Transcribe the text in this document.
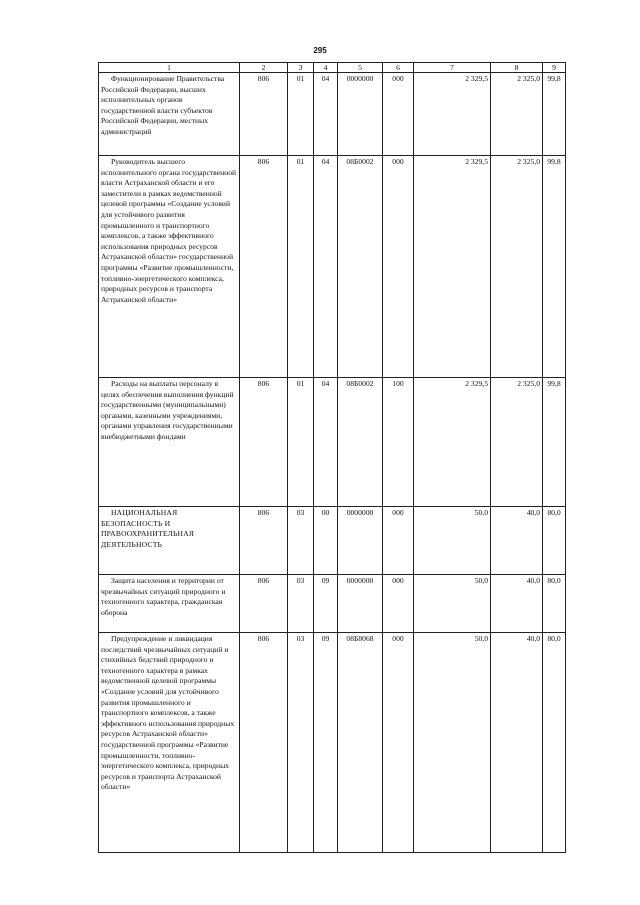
295
1	2	3	4	5	6	7	8	9
Функционирование Правительства Российской Федерации, высших исполнительных органов государственной власти субъектов Российской Федерации, местных администраций	806	01	04	0000000	000	2 329,5	2 325,0	99,8
Руководитель высшего исполнительного органа государственной власти Астраханской области и его заместители в рамках ведомственной целевой программы «Создание условий для устойчивого развития промышленного и транспортного комплексов, а также эффективного использования природных ресурсов Астраханской области» государственной программы «Развитие промышленности, топливно-энергетического комплекса, природных ресурсов и транспорта Астраханской области»	806	01	04	08Б0002	000	2 329,5	2 325,0	99,8
Расходы на выплаты персоналу в целях обеспечения выполнения функций государственными (муниципальными) органами, казенными учреждениями, органами управления государственными внебюджетными фондами	806	01	04	08Б0002	100	2 329,5	2 325,0	99,8
НАЦИОНАЛЬНАЯ БЕЗОПАСНОСТЬ И ПРАВООХРАНИТЕЛЬНАЯ ДЕЯТЕЛЬНОСТЬ	806	03	00	0000000	000	50,0	40,0	80,0
Защита населения и территории от чрезвычайных ситуаций природного и техногенного характера, гражданская оборона	806	03	09	0000000	000	50,0	40,0	80,0
Предупреждение и ликвидация последствий чрезвычайных ситуаций и стихийных бедствий природного и техногенного характера в рамках ведомственной целевой программы «Создание условий для устойчивого развития промышленного и транспортного комплексов, а также эффективного использования природных ресурсов Астраханской области» государственной программы «Развитие промышленности, топливно-энергетического комплекса, природных ресурсов и транспорта Астраханской области»	806	03	09	08Б8068	000	50,0	40,0	80,0
